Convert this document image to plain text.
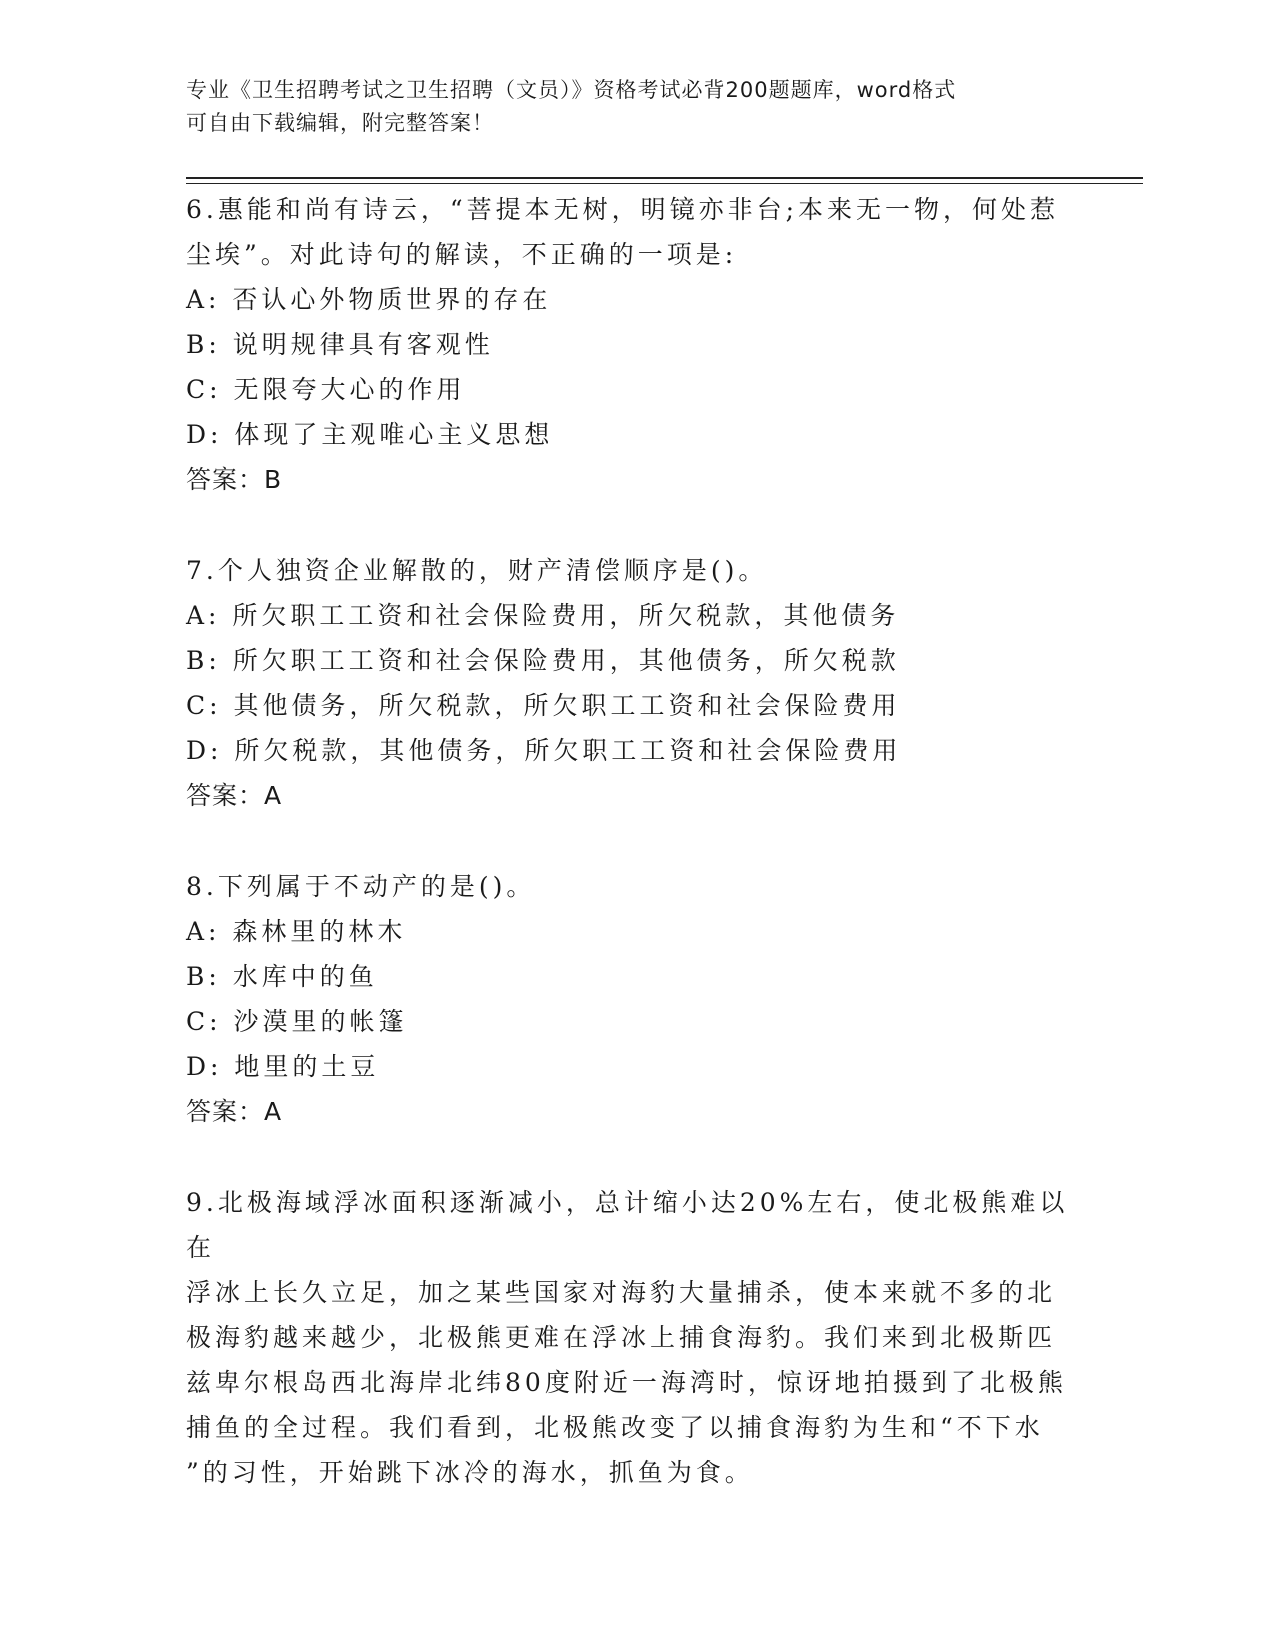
专业《卫生招聘考试之卫生招聘（文员）》资格考试必背200题题库，word格式
可自由下载编辑，附完整答案！
6.惠能和尚有诗云，“菩提本无树，明镜亦非台;本来无一物，何处惹
尘埃”。对此诗句的解读，不正确的一项是:
A: 否认心外物质世界的存在
B: 说明规律具有客观性
C: 无限夸大心的作用
D: 体现了主观唯心主义思想
答案：B
7.个人独资企业解散的，财产清偿顺序是()。
A: 所欠职工工资和社会保险费用，所欠税款，其他债务
B: 所欠职工工资和社会保险费用，其他债务，所欠税款
C: 其他债务，所欠税款，所欠职工工资和社会保险费用
D: 所欠税款，其他债务，所欠职工工资和社会保险费用
答案：A
8.下列属于不动产的是()。
A: 森林里的林木
B: 水库中的鱼
C: 沙漠里的帐篷
D: 地里的土豆
答案：A
9.北极海域浮冰面积逐渐减小，总计缩小达20%左右，使北极熊难以在
浮冰上长久立足，加之某些国家对海豹大量捕杀，使本来就不多的北
极海豹越来越少，北极熊更难在浮冰上捕食海豹。我们来到北极斯匹
兹卑尔根岛西北海岸北纬80度附近一海湾时，惊讶地拍摄到了北极熊
捕鱼的全过程。我们看到，北极熊改变了以捕食海豹为生和“不下水
”的习性，开始跳下冰冷的海水，抓鱼为食。
